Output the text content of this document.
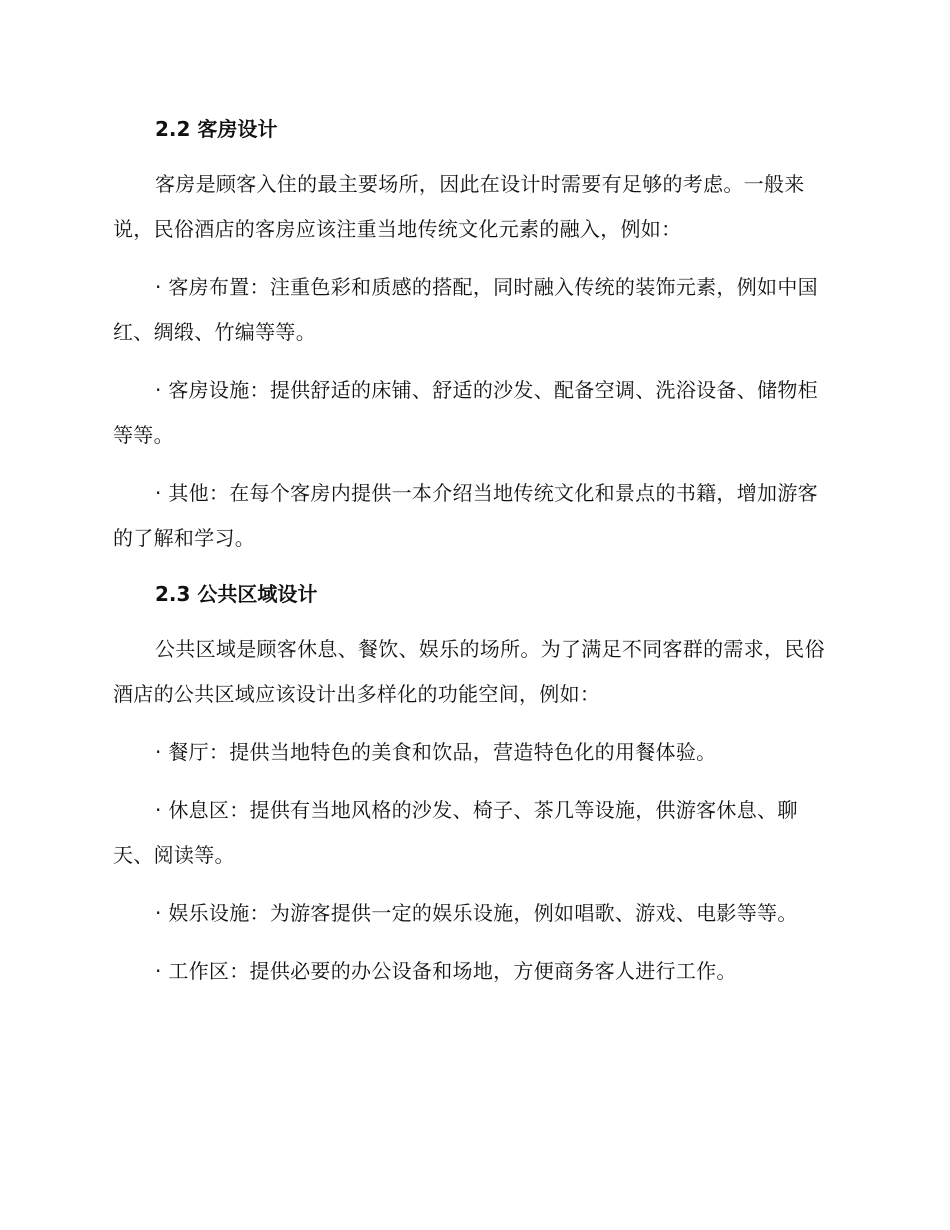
2.2 客房设计

客房是顾客入住的最主要场所，因此在设计时需要有足够的考虑。一般来说，民俗酒店的客房应该注重当地传统文化元素的融入，例如：

· 客房布置：注重色彩和质感的搭配，同时融入传统的装饰元素，例如中国红、绸缎、竹编等等。

· 客房设施：提供舒适的床铺、舒适的沙发、配备空调、洗浴设备、储物柜等等。

· 其他：在每个客房内提供一本介绍当地传统文化和景点的书籍，增加游客的了解和学习。

2.3 公共区域设计

公共区域是顾客休息、餐饮、娱乐的场所。为了满足不同客群的需求，民俗酒店的公共区域应该设计出多样化的功能空间，例如：

· 餐厅：提供当地特色的美食和饮品，营造特色化的用餐体验。

· 休息区：提供有当地风格的沙发、椅子、茶几等设施，供游客休息、聊天、阅读等。

· 娱乐设施：为游客提供一定的娱乐设施，例如唱歌、游戏、电影等等。

· 工作区：提供必要的办公设备和场地，方便商务客人进行工作。
